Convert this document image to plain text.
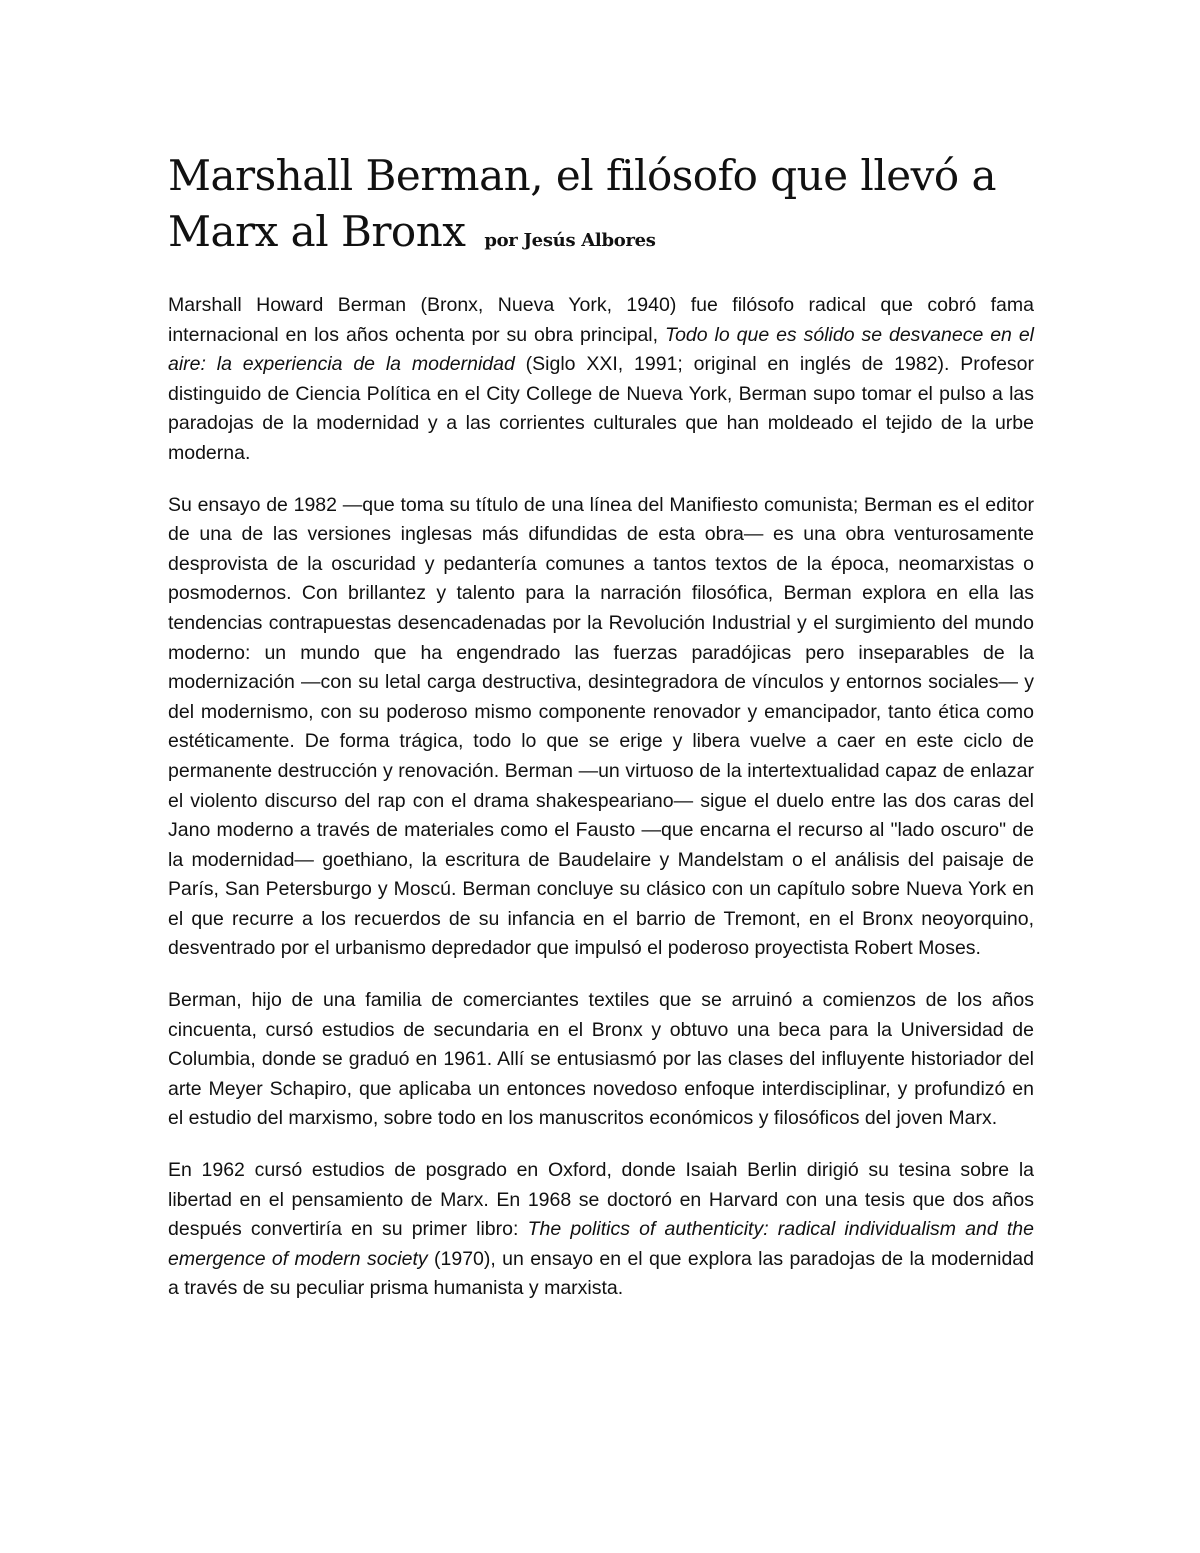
Marshall Berman, el filósofo que llevó a Marx al Bronx por Jesús Albores

Marshall Howard Berman (Bronx, Nueva York, 1940) fue filósofo radical que cobró fama internacional en los años ochenta por su obra principal, Todo lo que es sólido se desvanece en el aire: la experiencia de la modernidad (Siglo XXI, 1991; original en inglés de 1982). Profesor distinguido de Ciencia Política en el City College de Nueva York, Berman supo tomar el pulso a las paradojas de la modernidad y a las corrientes culturales que han moldeado el tejido de la urbe moderna.

Su ensayo de 1982 —que toma su título de una línea del Manifiesto comunista; Berman es el editor de una de las versiones inglesas más difundidas de esta obra— es una obra venturosamente desprovista de la oscuridad y pedantería comunes a tantos textos de la época, neomarxistas o posmodernos. Con brillantez y talento para la narración filosófica, Berman explora en ella las tendencias contrapuestas desencadenadas por la Revolución Industrial y el surgimiento del mundo moderno: un mundo que ha engendrado las fuerzas paradójicas pero inseparables de la modernización —con su letal carga destructiva, desintegradora de vínculos y entornos sociales— y del modernismo, con su poderoso mismo componente renovador y emancipador, tanto ética como estéticamente. De forma trágica, todo lo que se erige y libera vuelve a caer en este ciclo de permanente destrucción y renovación. Berman —un virtuoso de la intertextualidad capaz de enlazar el violento discurso del rap con el drama shakespeariano— sigue el duelo entre las dos caras del Jano moderno a través de materiales como el Fausto —que encarna el recurso al "lado oscuro" de la modernidad— goethiano, la escritura de Baudelaire y Mandelstam o el análisis del paisaje de París, San Petersburgo y Moscú. Berman concluye su clásico con un capítulo sobre Nueva York en el que recurre a los recuerdos de su infancia en el barrio de Tremont, en el Bronx neoyorquino, desventrado por el urbanismo depredador que impulsó el poderoso proyectista Robert Moses.

Berman, hijo de una familia de comerciantes textiles que se arruinó a comienzos de los años cincuenta, cursó estudios de secundaria en el Bronx y obtuvo una beca para la Universidad de Columbia, donde se graduó en 1961. Allí se entusiasmó por las clases del influyente historiador del arte Meyer Schapiro, que aplicaba un entonces novedoso enfoque interdisciplinar, y profundizó en el estudio del marxismo, sobre todo en los manuscritos económicos y filosóficos del joven Marx.

En 1962 cursó estudios de posgrado en Oxford, donde Isaiah Berlin dirigió su tesina sobre la libertad en el pensamiento de Marx. En 1968 se doctoró en Harvard con una tesis que dos años después convertiría en su primer libro: The politics of authenticity: radical individualism and the emergence of modern society (1970), un ensayo en el que explora las paradojas de la modernidad a través de su peculiar prisma humanista y marxista.
